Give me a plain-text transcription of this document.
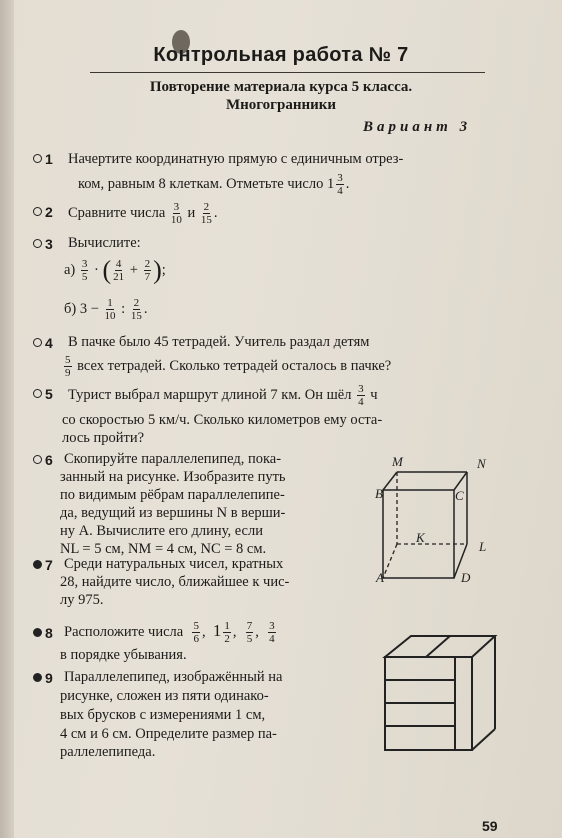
Контрольная работа № 7
Повторение материала курса 5 класса.
Многогранники
Вариант 3
1 Начертите координатную прямую с единичным отрез-
ком, равным 8 клеткам. Отметьте число $1 \frac{3}{4}$ .
2 Сравните числа $\frac{3}{10}$ и $\frac{2}{15}$ .
3 Вычислите:
$а) \frac{3}{5}$ · ( $\frac{4}{21} + \frac{2}{7}$ );
б) $3 - \frac{1}{10}$ : $\frac{2}{15}$ .
4 В пачке было 45 тетрадей. Учитель раздал детям
$\frac{5}{9}$ всех тетрадей. Сколько тетрадей осталось в пачке?
5 Турист выбрал маршрут длиной 7 км. Он шёл $\frac{3}{4}$ ч
со скоростью 5 км/ч. Сколько километров ему оста-
лось пройти?
6 Скопируйте параллелепипед, пока-
занный на рисунке. Изобразите путь
по видимым рёбрам параллелепипе-
да, ведущий из вершины N в верши-
ну A. Вычислите его длину, если
NL = 5 см, NM = 4 см, NC = 8 см.
M	N
B	C
K
L
A	D
7 Среди натуральных чисел, кратных
28, найдите число, ближайшее к чис-
лу 975.
8 Расположите числа $\frac{5}{6}$ ,  $1 \frac{1}{2}$ , $\frac{7}{5}$ , $\frac{3}{4}$
в порядке убывания.
9 Параллелепипед, изображённый на
рисунке, сложен из пяти одинако-
вых брусков с измерениями 1 см,
4 см и 6 см. Определите размер па-
раллелепипеда.
59
